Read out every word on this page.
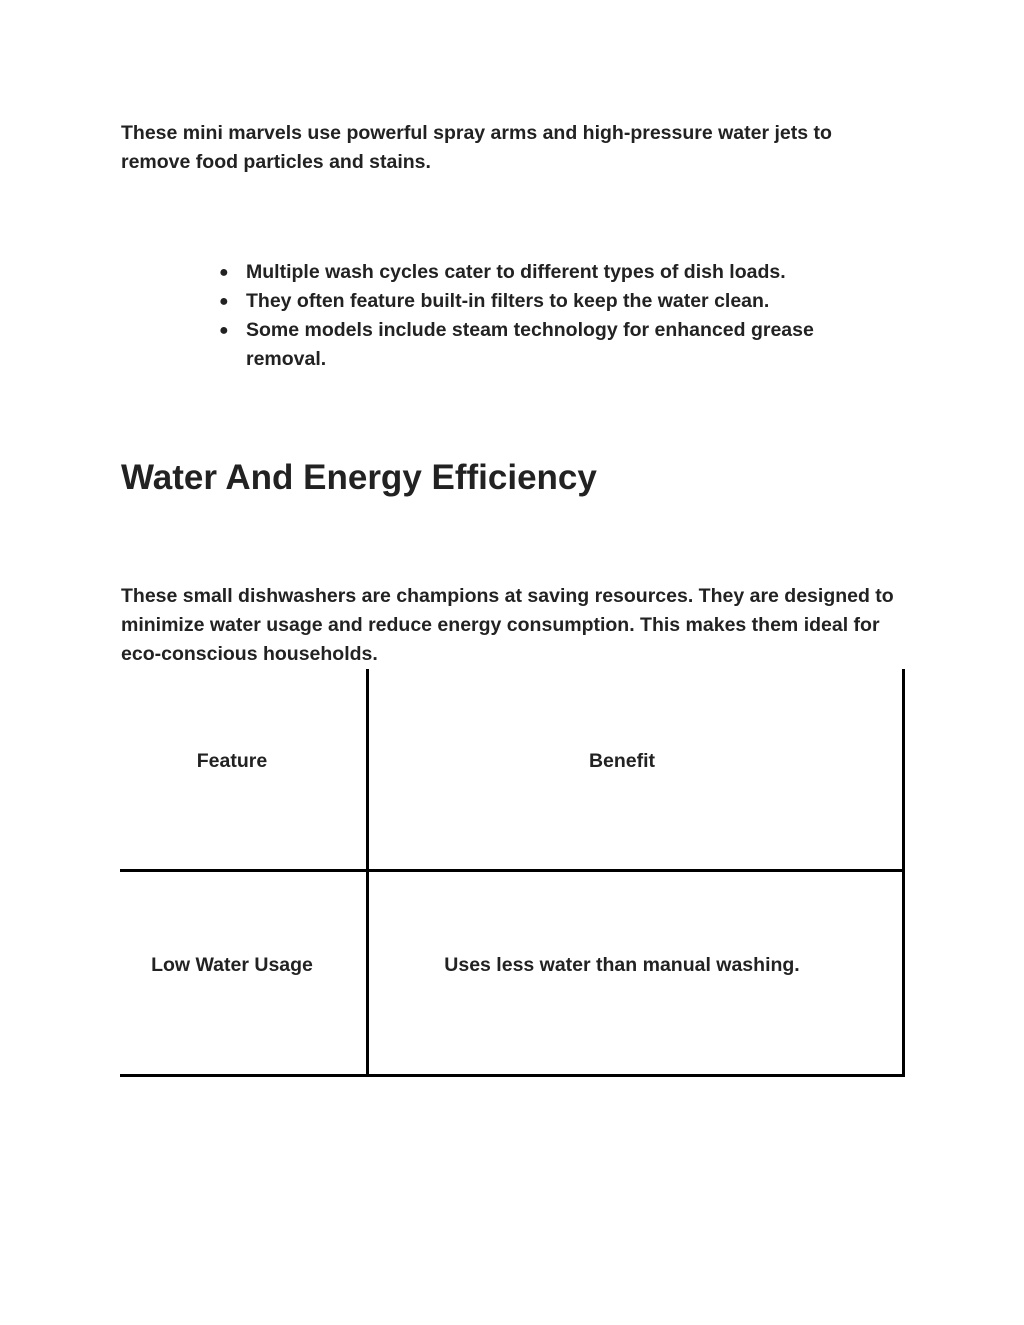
These mini marvels use powerful spray arms and high-pressure water jets to remove food particles and stains.

● Multiple wash cycles cater to different types of dish loads.
● They often feature built-in filters to keep the water clean.
● Some models include steam technology for enhanced grease removal.
Water And Energy Efficiency

These small dishwashers are champions at saving resources. They are designed to minimize water usage and reduce energy consumption. This makes them ideal for eco-conscious households.

Feature	Benefit
Low Water Usage	Uses less water than manual washing.
